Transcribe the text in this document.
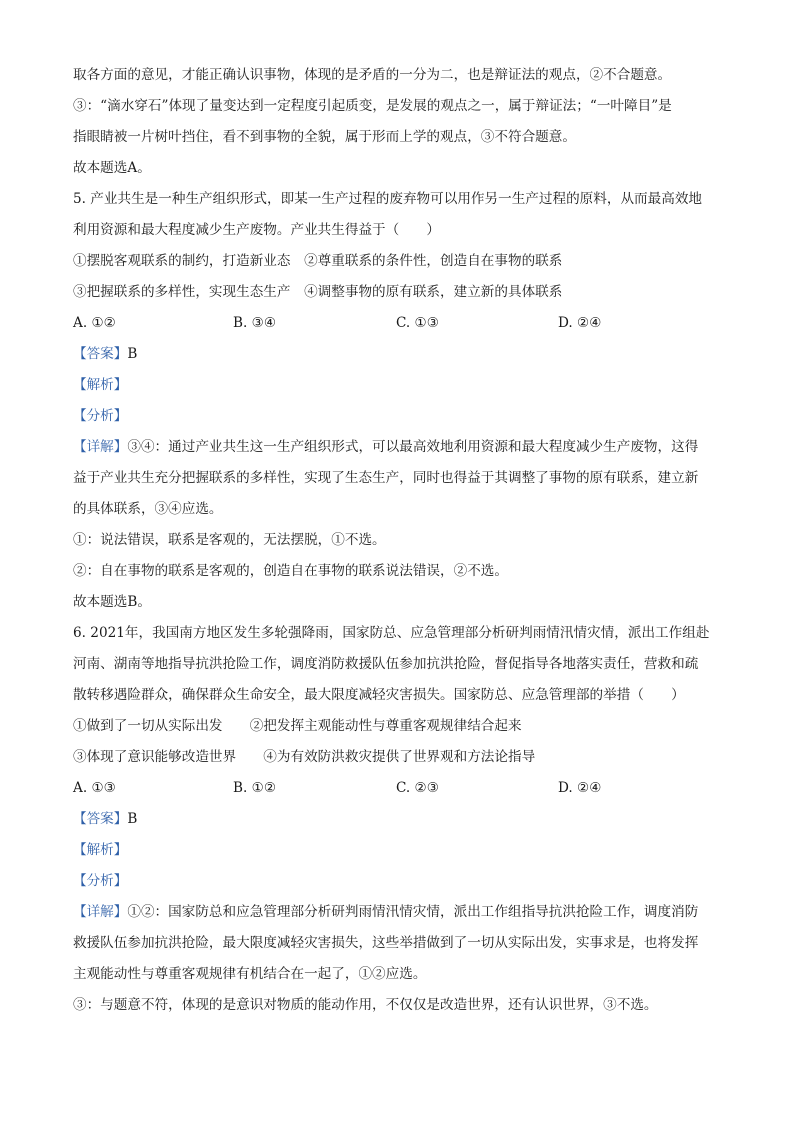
取各方面的意见，才能正确认识事物，体现的是矛盾的一分为二，也是辩证法的观点，②不合题意。
③：“滴水穿石”体现了量变达到一定程度引起质变，是发展的观点之一，属于辩证法；“一叶障目”是
指眼睛被一片树叶挡住，看不到事物的全貌，属于形而上学的观点，③不符合题意。
故本题选A。
5. 产业共生是一种生产组织形式，即某一生产过程的废弃物可以用作另一生产过程的原料，从而最高效地
利用资源和最大程度减少生产废物。产业共生得益于（　　）
①摆脱客观联系的制约，打造新业态　②尊重联系的条件性，创造自在事物的联系
③把握联系的多样性，实现生态生产　④调整事物的原有联系，建立新的具体联系
【答案】B
【解析】
【分析】
【详解】③④：通过产业共生这一生产组织形式，可以最高效地利用资源和最大程度减少生产废物，这得
益于产业共生充分把握联系的多样性，实现了生态生产，同时也得益于其调整了事物的原有联系，建立新
的具体联系，③④应选。
①：说法错误，联系是客观的，无法摆脱，①不选。
②：自在事物的联系是客观的，创造自在事物的联系说法错误，②不选。
故本题选B。
6. 2021年，我国南方地区发生多轮强降雨，国家防总、应急管理部分析研判雨情汛情灾情，派出工作组赴
河南、湖南等地指导抗洪抢险工作，调度消防救援队伍参加抗洪抢险，督促指导各地落实责任，营救和疏
散转移遇险群众，确保群众生命安全，最大限度减轻灾害损失。国家防总、应急管理部的举措（　　）
①做到了一切从实际出发　　②把发挥主观能动性与尊重客观规律结合起来
③体现了意识能够改造世界　　④为有效防洪救灾提供了世界观和方法论指导
【答案】B
【解析】
【分析】
【详解】①②：国家防总和应急管理部分析研判雨情汛情灾情，派出工作组指导抗洪抢险工作，调度消防
救援队伍参加抗洪抢险，最大限度减轻灾害损失，这些举措做到了一切从实际出发，实事求是，也将发挥
主观能动性与尊重客观规律有机结合在一起了，①②应选。
③：与题意不符，体现的是意识对物质的能动作用，不仅仅是改造世界，还有认识世界，③不选。
A. ①②	B. ③④	C. ①③	D. ②④
A. ①③	B. ①②	C. ②③	D. ②④
